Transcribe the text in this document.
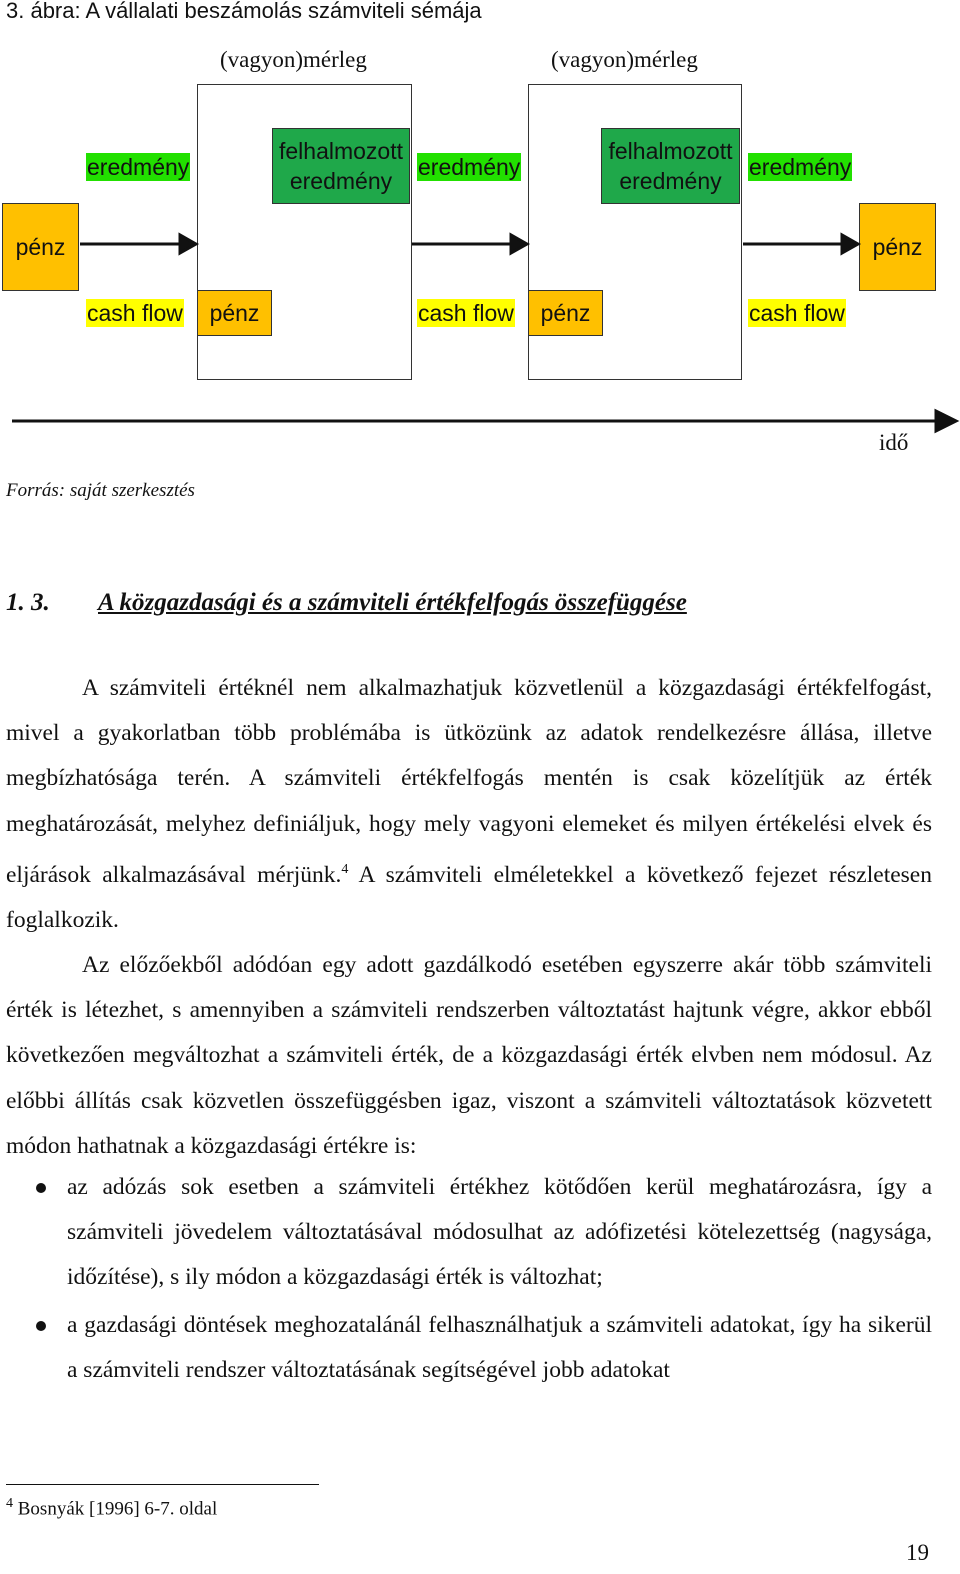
3. ábra: A vállalati beszámolás számviteli sémája
(vagyon)mérleg	(vagyon)mérleg
felhalmozott eredmény
felhalmozott eredmény
eredmény	eredmény	eredmény
pénz	pénz
cash flow	cash flow	cash flow
pénz	pénz
idő
Forrás: saját szerkesztés
1. 3. A közgazdasági és a számviteli értékfelfogás összefüggése

A számviteli értéknél nem alkalmazhatjuk közvetlenül a közgazdasági értékfelfogást, mivel a gyakorlatban több problémába is ütközünk az adatok rendelkezésre állása, illetve megbízhatósága terén. A számviteli értékfelfogás mentén is csak közelítjük az érték meghatározását, melyhez definiáljuk, hogy mely vagyoni elemeket és milyen értékelési elvek és eljárások alkalmazásával mérjünk.$^4$ A számviteli elméletekkel a következő fejezet részletesen foglalkozik.

Az előzőekből adódóan egy adott gazdálkodó esetében egyszerre akár több számviteli érték is létezhet, s amennyiben a számviteli rendszerben változtatást hajtunk végre, akkor ebből következően megváltozhat a számviteli érték, de a közgazdasági érték elvben nem módosul. Az előbbi állítás csak közvetlen összefüggésben igaz, viszont a számviteli változtatások közvetett módon hathatnak a közgazdasági értékre is:

az adózás sok esetben a számviteli értékhez kötődően kerül meghatározásra, így a számviteli jövedelem változtatásával módosulhat az adófizetési kötelezettség (nagysága, időzítése), s ily módon a közgazdasági érték is változhat;
a gazdasági döntések meghozatalánál felhasználhatjuk a számviteli adatokat, így ha sikerül a számviteli rendszer változtatásának segítségével jobb adatokat
$^4$ Bosnyák [1996] 6-7. oldal
19
